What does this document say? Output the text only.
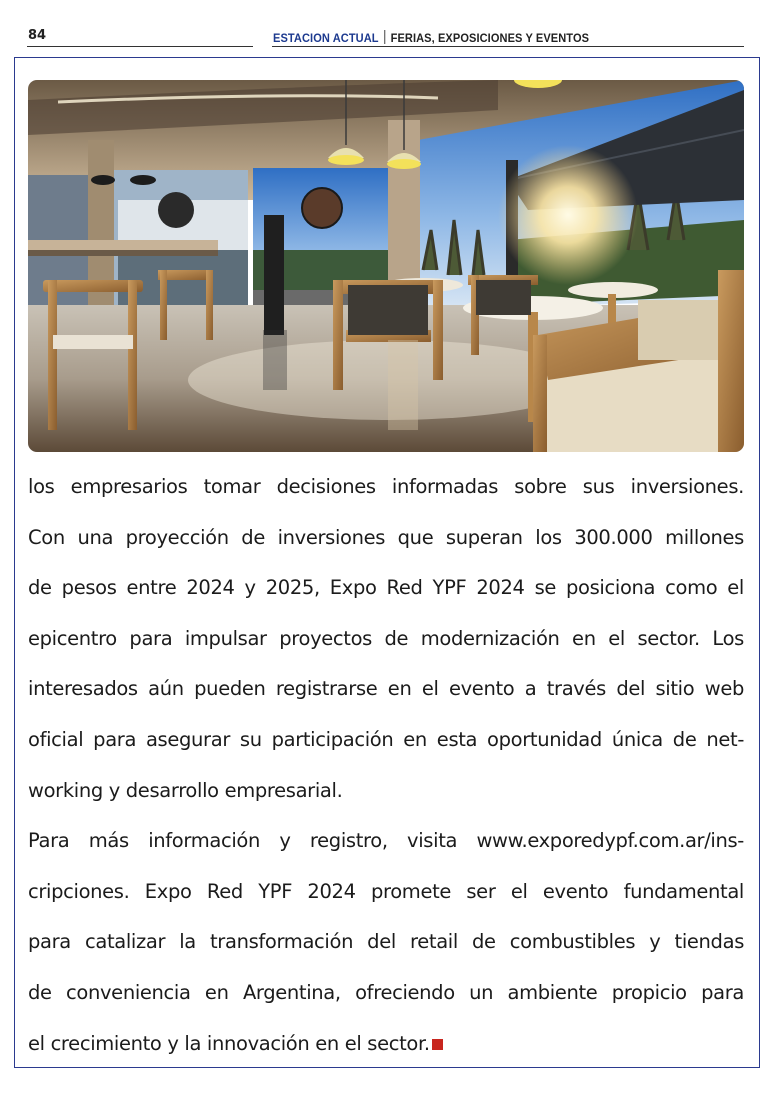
84	ESTACION ACTUAL FERIAS, EXPOSICIONES Y EVENTOS
los empresarios tomar decisiones informadas sobre sus inversiones.
Con una proyección de inversiones que superan los 300.000 millones
de pesos entre 2024 y 2025, Expo Red YPF 2024 se posiciona como el
epicentro para impulsar proyectos de modernización en el sector. Los
interesados aún pueden registrarse en el evento a través del sitio web
oficial para asegurar su participación en esta oportunidad única de net-
working y desarrollo empresarial.
Para más información y registro, visita www.exporedypf.com.ar/ins-
cripciones. Expo Red YPF 2024 promete ser el evento fundamental
para catalizar la transformación del retail de combustibles y tiendas
de conveniencia en Argentina, ofreciendo un ambiente propicio para
el crecimiento y la innovación en el sector.
